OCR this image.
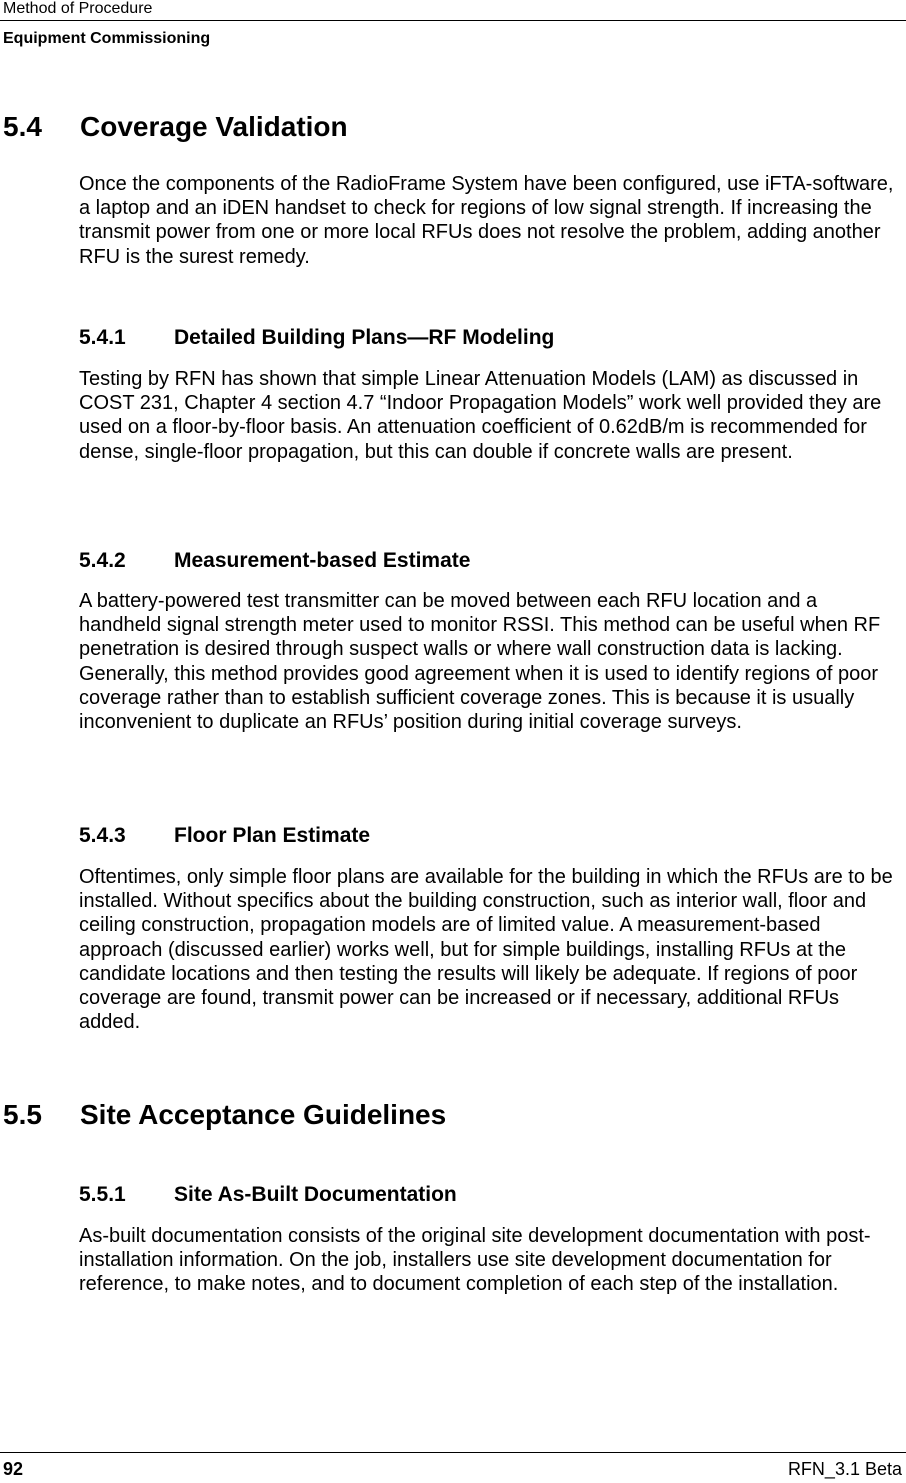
Method of Procedure
Equipment Commissioning
5.4 Coverage Validation

Once the components of the RadioFrame System have been configured, use iFTA-software, a laptop and an iDEN handset to check for regions of low signal strength. If increasing the transmit power from one or more local RFUs does not resolve the problem, adding another RFU is the surest remedy.

5.4.1 Detailed Building Plans—RF Modeling

Testing by RFN has shown that simple Linear Attenuation Models (LAM) as discussed in COST 231, Chapter 4 section 4.7 “Indoor Propagation Models” work well provided they are used on a floor-by-floor basis. An attenuation coefficient of 0.62dB/m is recommended for dense, single-floor propagation, but this can double if concrete walls are present.

5.4.2 Measurement-based Estimate

A battery-powered test transmitter can be moved between each RFU location and a handheld signal strength meter used to monitor RSSI. This method can be useful when RF penetration is desired through suspect walls or where wall construction data is lacking. Generally, this method provides good agreement when it is used to identify regions of poor coverage rather than to establish sufficient coverage zones. This is because it is usually inconvenient to duplicate an RFUs’ position during initial coverage surveys.

5.4.3 Floor Plan Estimate

Oftentimes, only simple floor plans are available for the building in which the RFUs are to be installed. Without specifics about the building construction, such as interior wall, floor and ceiling construction, propagation models are of limited value. A measurement-based approach (discussed earlier) works well, but for simple buildings, installing RFUs at the candidate locations and then testing the results will likely be adequate. If regions of poor coverage are found, transmit power can be increased or if necessary, additional RFUs added.

5.5 Site Acceptance Guidelines
5.5.1 Site As-Built Documentation

As-built documentation consists of the original site development documentation with post-installation information. On the job, installers use site development documentation for reference, to make notes, and to document completion of each step of the installation.

92	RFN_3.1 Beta
